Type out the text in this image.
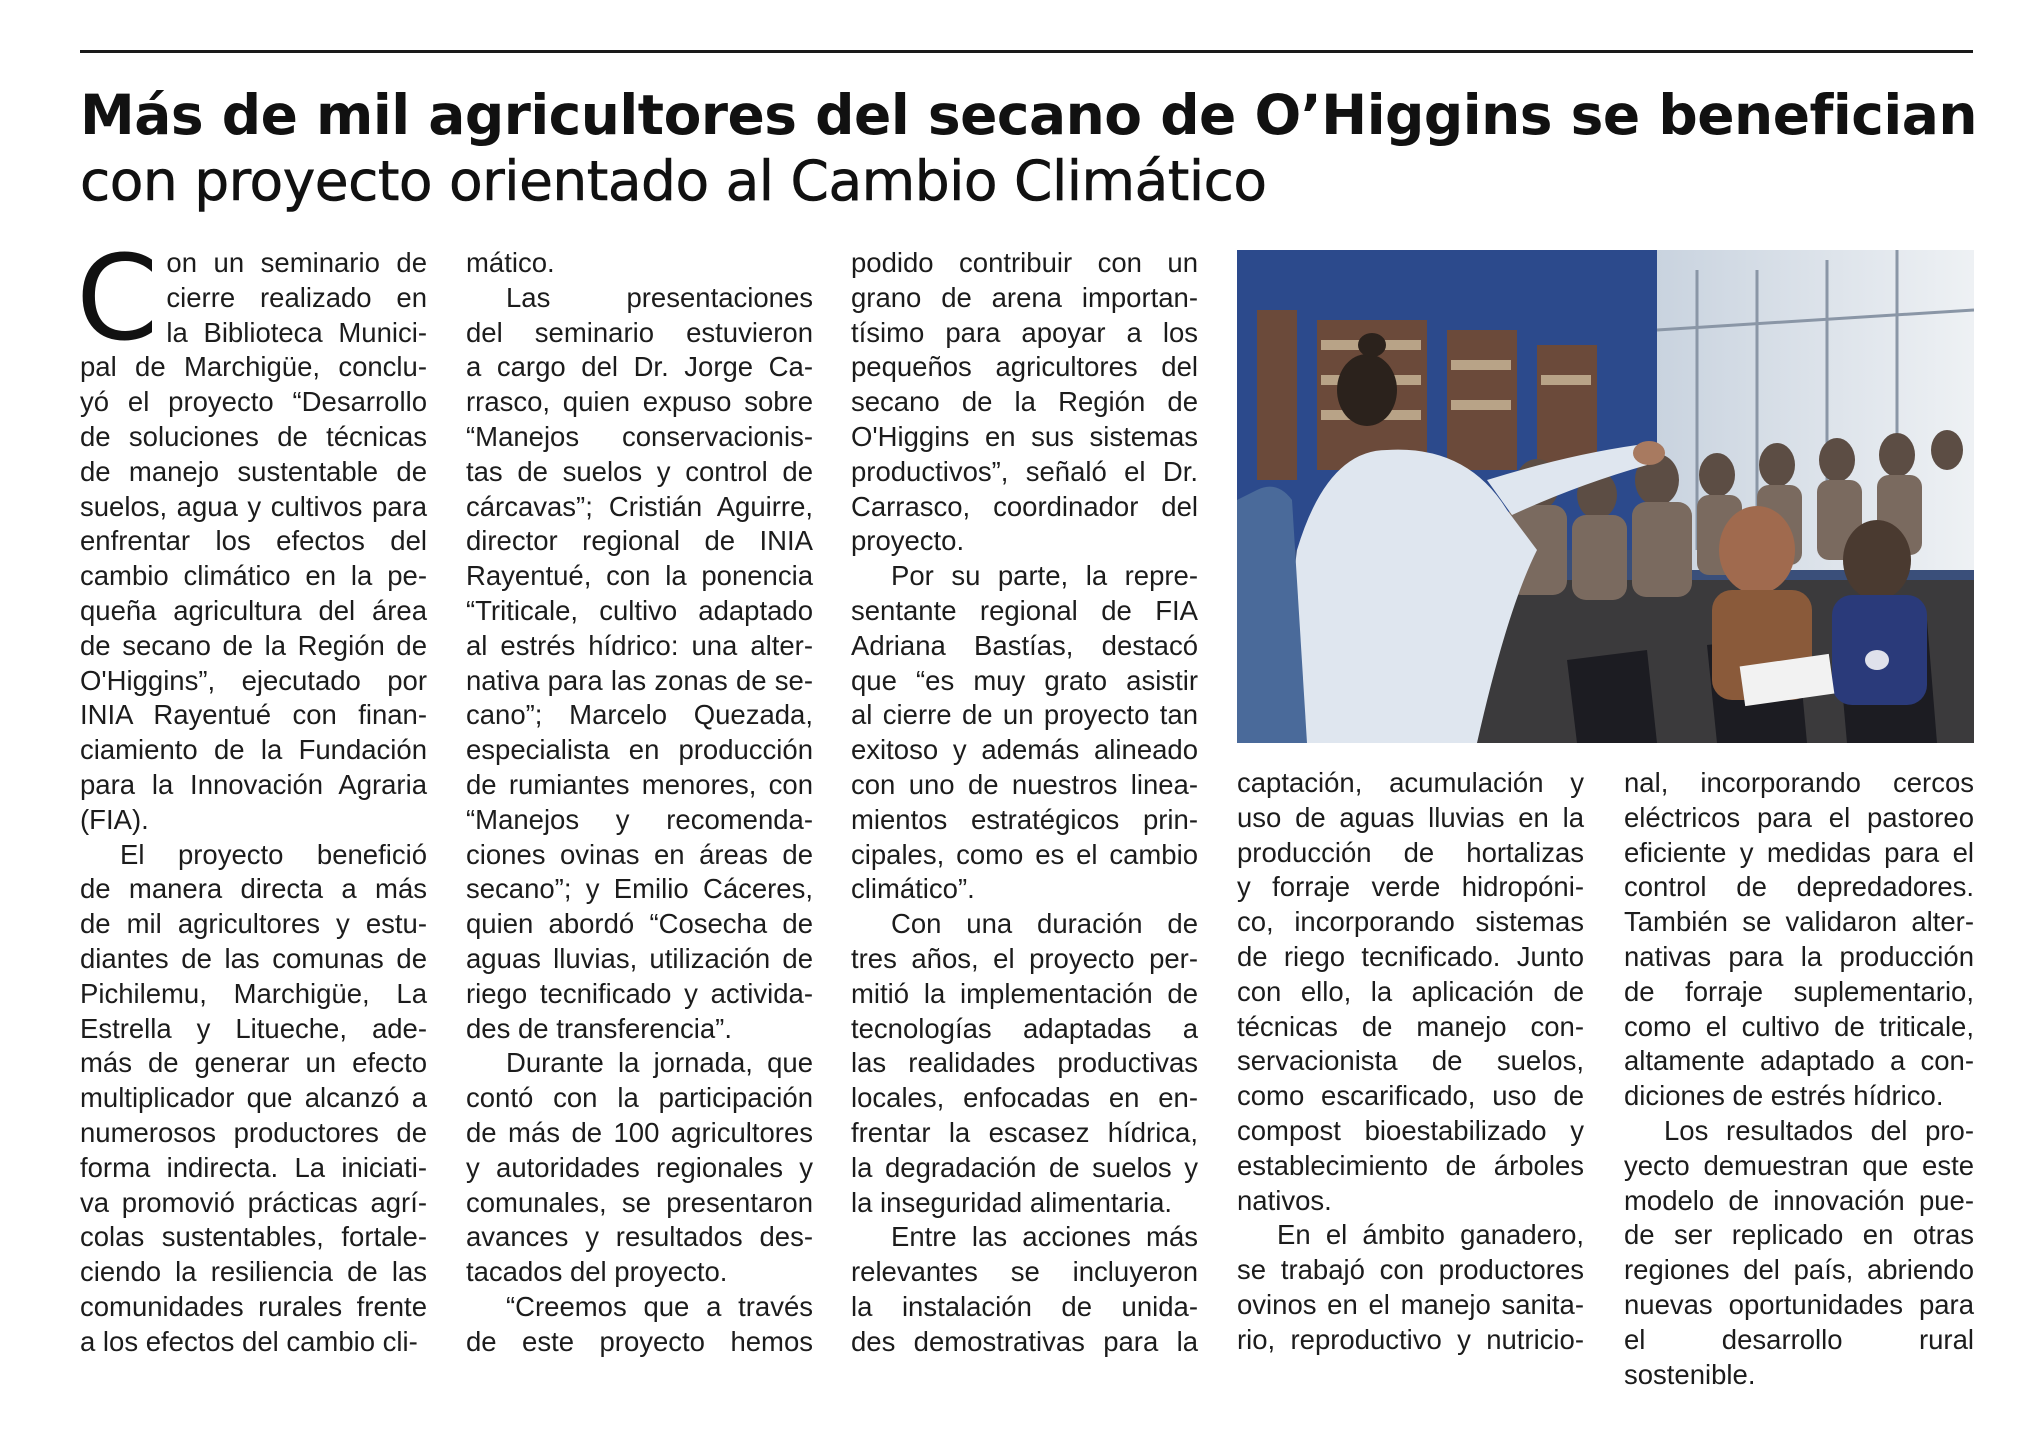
Más de mil agricultores del secano de O’Higgins se benefician
con proyecto orientado al Cambio Climático
C on un seminario de
cierre realizado en
la Biblioteca Munici-
pal de Marchigüe, conclu-
yó el proyecto “Desarrollo
de soluciones de técnicas
de manejo sustentable de
suelos, agua y cultivos para
enfrentar los efectos del
cambio climático en la pe-
queña agricultura del área
de secano de la Región de
O'Higgins”, ejecutado por
INIA Rayentué con finan-
ciamiento de la Fundación
para la Innovación Agraria
(FIA).
El proyecto benefició
de manera directa a más
de mil agricultores y estu-
diantes de las comunas de
Pichilemu, Marchigüe, La
Estrella y Litueche, ade-
más de generar un efecto
multiplicador que alcanzó a
numerosos productores de
forma indirecta. La iniciati-
va promovió prácticas agrí-
colas sustentables, fortale-
ciendo la resiliencia de las
comunidades rurales frente
a los efectos del cambio cli-
mático.
Las presentaciones
del seminario estuvieron
a cargo del Dr. Jorge Ca-
rrasco, quien expuso sobre
“Manejos conservacionis-
tas de suelos y control de
cárcavas”; Cristián Aguirre,
director regional de INIA
Rayentué, con la ponencia
“Triticale, cultivo adaptado
al estrés hídrico: una alter-
nativa para las zonas de se-
cano”; Marcelo Quezada,
especialista en producción
de rumiantes menores, con
“Manejos y recomenda-
ciones ovinas en áreas de
secano”; y Emilio Cáceres,
quien abordó “Cosecha de
aguas lluvias, utilización de
riego tecnificado y activida-
des de transferencia”.
Durante la jornada, que
contó con la participación
de más de 100 agricultores
y autoridades regionales y
comunales, se presentaron
avances y resultados des-
tacados del proyecto.
“Creemos que a través
de este proyecto hemos
podido contribuir con un
grano de arena importan-
tísimo para apoyar a los
pequeños agricultores del
secano de la Región de
O'Higgins en sus sistemas
productivos”, señaló el Dr.
Carrasco, coordinador del
proyecto.
Por su parte, la repre-
sentante regional de FIA
Adriana Bastías, destacó
que “es muy grato asistir
al cierre de un proyecto tan
exitoso y además alineado
con uno de nuestros linea-
mientos estratégicos prin-
cipales, como es el cambio
climático”.
Con una duración de
tres años, el proyecto per-
mitió la implementación de
tecnologías adaptadas a
las realidades productivas
locales, enfocadas en en-
frentar la escasez hídrica,
la degradación de suelos y
la inseguridad alimentaria.
Entre las acciones más
relevantes se incluyeron
la instalación de unida-
des demostrativas para la
captación, acumulación y
uso de aguas lluvias en la
producción de hortalizas
y forraje verde hidropóni-
co, incorporando sistemas
de riego tecnificado. Junto
con ello, la aplicación de
técnicas de manejo con-
servacionista de suelos,
como escarificado, uso de
compost bioestabilizado y
establecimiento de árboles
nativos.
En el ámbito ganadero,
se trabajó con productores
ovinos en el manejo sanita-
rio, reproductivo y nutricio-
nal, incorporando cercos
eléctricos para el pastoreo
eficiente y medidas para el
control de depredadores.
También se validaron alter-
nativas para la producción
de forraje suplementario,
como el cultivo de triticale,
altamente adaptado a con-
diciones de estrés hídrico.
Los resultados del pro-
yecto demuestran que este
modelo de innovación pue-
de ser replicado en otras
regiones del país, abriendo
nuevas oportunidades para
el desarrollo rural sostenible.
